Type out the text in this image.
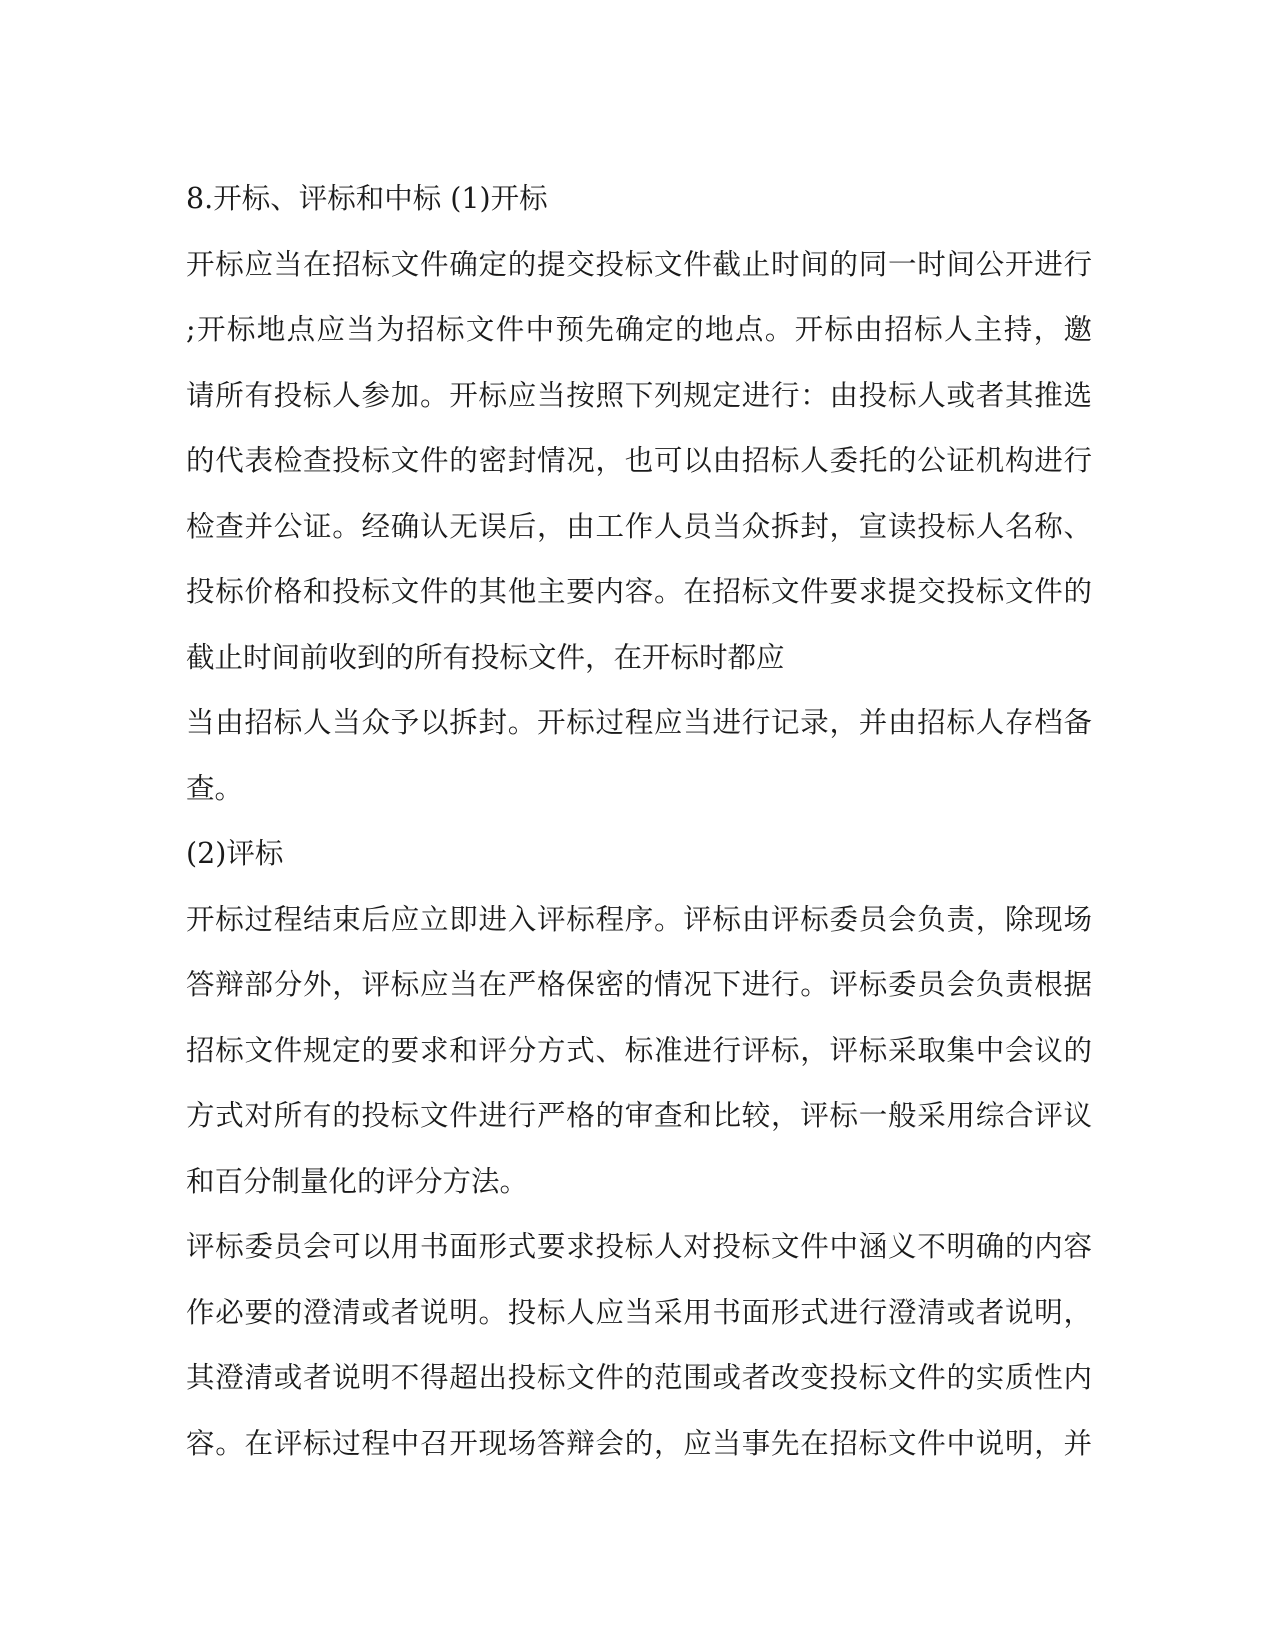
8.开标、评标和中标 (1)开标
开标应当在招标文件确定的提交投标文件截止时间的同一时间公开进行
;开标地点应当为招标文件中预先确定的地点。开标由招标人主持，邀
请所有投标人参加。开标应当按照下列规定进行：由投标人或者其推选
的代表检查投标文件的密封情况，也可以由招标人委托的公证机构进行
检查并公证。经确认无误后，由工作人员当众拆封，宣读投标人名称、
投标价格和投标文件的其他主要内容。在招标文件要求提交投标文件的
截止时间前收到的所有投标文件，在开标时都应
当由招标人当众予以拆封。开标过程应当进行记录，并由招标人存档备
查。
(2)评标
开标过程结束后应立即进入评标程序。评标由评标委员会负责，除现场
答辩部分外，评标应当在严格保密的情况下进行。评标委员会负责根据
招标文件规定的要求和评分方式、标准进行评标，评标采取集中会议的
方式对所有的投标文件进行严格的审查和比较，评标一般采用综合评议
和百分制量化的评分方法。
评标委员会可以用书面形式要求投标人对投标文件中涵义不明确的内容
作必要的澄清或者说明。投标人应当采用书面形式进行澄清或者说明，
其澄清或者说明不得超出投标文件的范围或者改变投标文件的实质性内
容。在评标过程中召开现场答辩会的，应当事先在招标文件中说明，并
